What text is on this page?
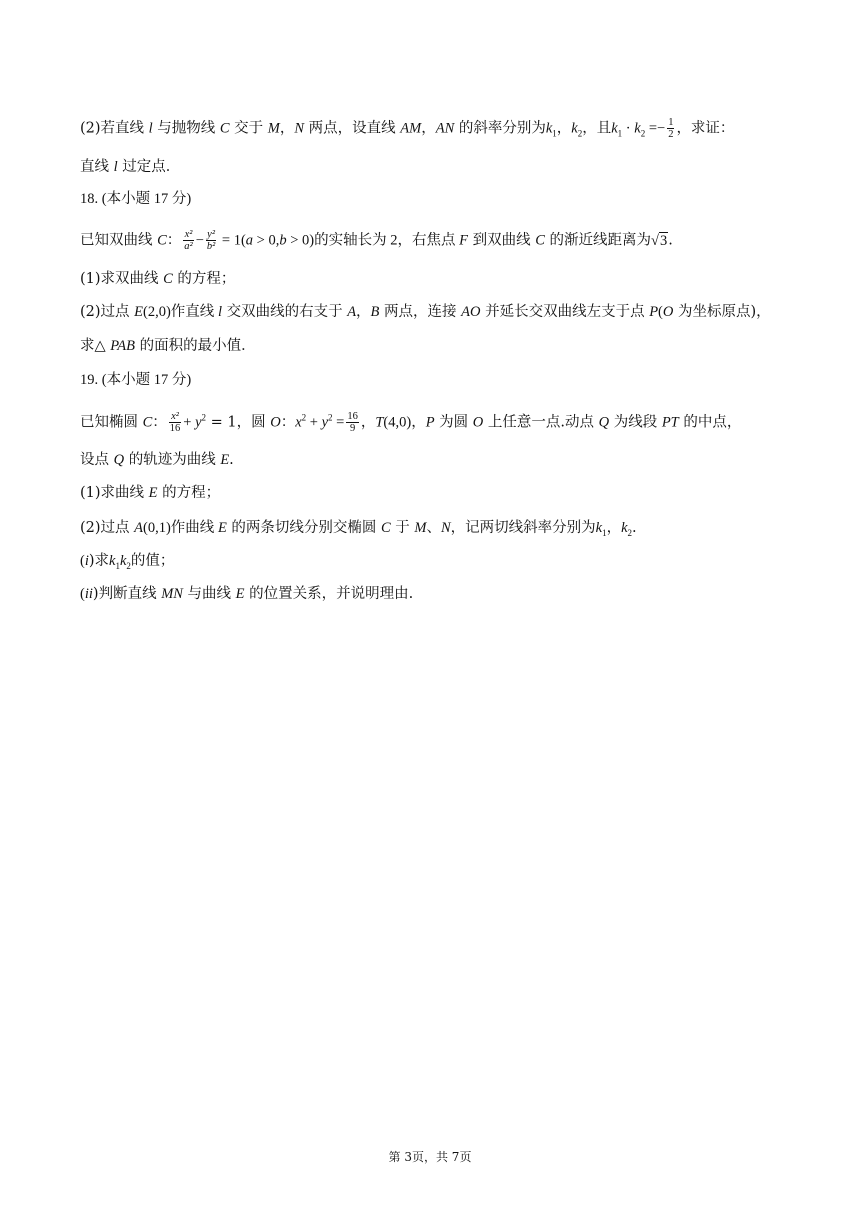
(2)若直线 l 与抛物线 C 交于 M，N 两点，设直线 AM，AN 的斜率分别为$k_1$，$k_2$，且$k_1 \cdot k_2 =- \frac{1}{2}$ ，求证：
直线 l 过定点．
18. (本小题 17 分)
已知双曲线 C： $\frac{\text{x²}}{\text{a²}} - \frac{\text{y²}}{\text{b²}} = 1(a > 0,b > 0)$的实轴长为 2，右焦点 F 到双曲线 C 的渐近线距离为√3.
(1)求双曲线 C 的方程；
(2)过点 E(2,0)作直线 l 交双曲线的右支于 A，B 两点，连接 AO 并延长交双曲线左支于点 P(O 为坐标原点)，
求△ PAB 的面积的最小值．
19. (本小题 17 分)
已知椭圆 C： $\frac{\text{x²}}{16} + y^2 = 1$，圆 O：$x^2 + y^2 = \frac{16}{9}$ ，T(4,0)，P 为圆 O 上任意一点.动点 Q 为线段 PT 的中点，
设点 Q 的轨迹为曲线 E.
(1)求曲线 E 的方程；
(2)过点 A(0,1)作曲线 E 的两条切线分别交椭圆 C 于 M、N，记两切线斜率分别为$k_1$，$k_2$.
(i)求$k_1k_2$的值；
(ii)判断直线 MN 与曲线 E 的位置关系，并说明理由.
第 3页，共 7页
